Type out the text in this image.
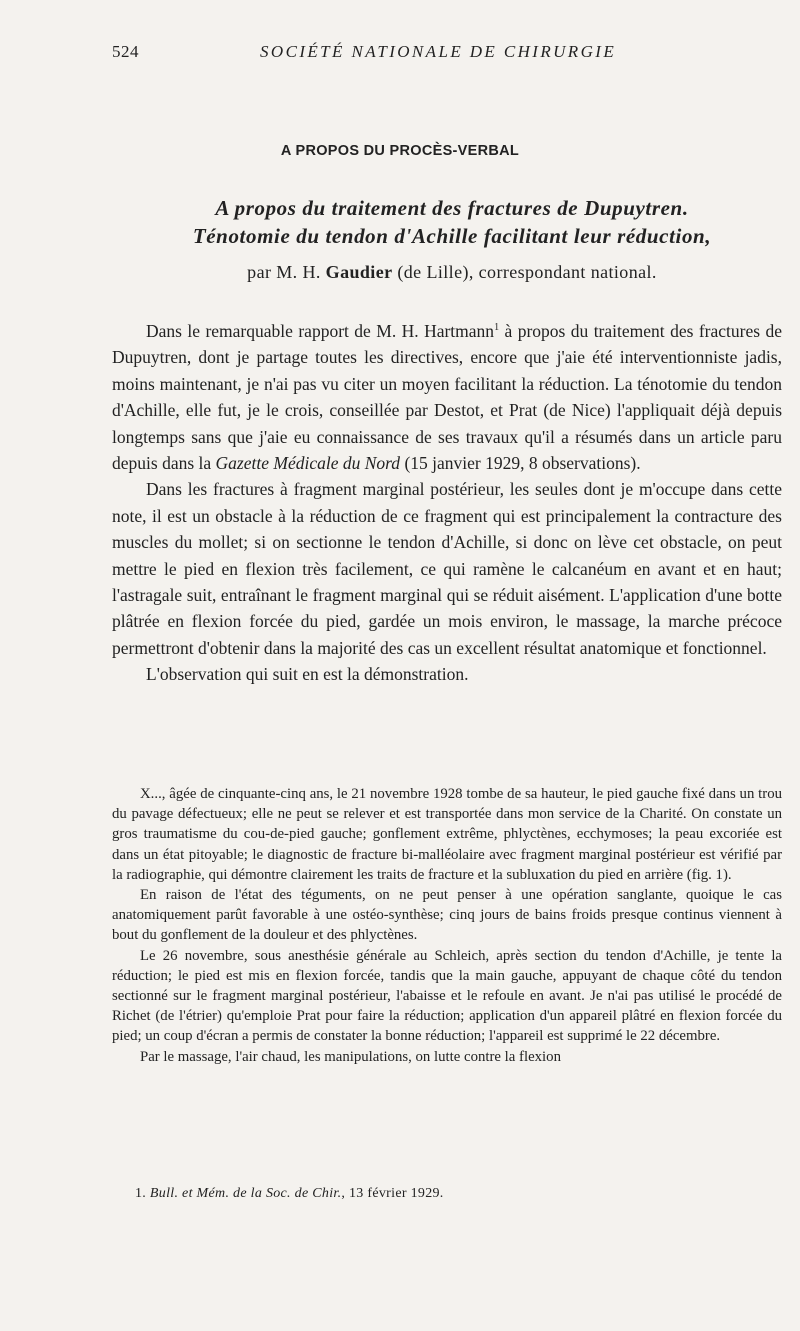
524	SOCIÉTÉ NATIONALE DE CHIRURGIE
A PROPOS DU PROCÈS-VERBAL
A propos du traitement des fractures de Dupuytren.
Ténotomie du tendon d'Achille facilitant leur réduction,
par M. H. Gaudier (de Lille), correspondant national.

Dans le remarquable rapport de M. H. Hartmann$^1$ à propos du traitement des fractures de Dupuytren, dont je partage toutes les directives, encore que j'aie été interventionniste jadis, moins maintenant, je n'ai pas vu citer un moyen facilitant la réduction. La ténotomie du tendon d'Achille, elle fut, je le crois, conseillée par Destot, et Prat (de Nice) l'appliquait déjà depuis longtemps sans que j'aie eu connaissance de ses travaux qu'il a résumés dans un article paru depuis dans la Gazette Médicale du Nord (15 janvier 1929, 8 observations).

Dans les fractures à fragment marginal postérieur, les seules dont je m'occupe dans cette note, il est un obstacle à la réduction de ce fragment qui est principalement la contracture des muscles du mollet; si on sectionne le tendon d'Achille, si donc on lève cet obstacle, on peut mettre le pied en flexion très facilement, ce qui ramène le calcanéum en avant et en haut; l'astragale suit, entraînant le fragment marginal qui se réduit aisément. L'application d'une botte plâtrée en flexion forcée du pied, gardée un mois environ, le massage, la marche précoce permettront d'obtenir dans la majorité des cas un excellent résultat anatomique et fonctionnel.

L'observation qui suit en est la démonstration.

X..., âgée de cinquante-cinq ans, le 21 novembre 1928 tombe de sa hauteur, le pied gauche fixé dans un trou du pavage défectueux; elle ne peut se relever et est transportée dans mon service de la Charité. On constate un gros traumatisme du cou-de-pied gauche; gonflement extrême, phlyctènes, ecchymoses; la peau excoriée est dans un état pitoyable; le diagnostic de fracture bi-malléolaire avec fragment marginal postérieur est vérifié par la radiographie, qui démontre clairement les traits de fracture et la subluxation du pied en arrière (fig. 1).

En raison de l'état des téguments, on ne peut penser à une opération sanglante, quoique le cas anatomiquement parût favorable à une ostéo-synthèse; cinq jours de bains froids presque continus viennent à bout du gonflement de la douleur et des phlyctènes.

Le 26 novembre, sous anesthésie générale au Schleich, après section du tendon d'Achille, je tente la réduction; le pied est mis en flexion forcée, tandis que la main gauche, appuyant de chaque côté du tendon sectionné sur le fragment marginal postérieur, l'abaisse et le refoule en avant. Je n'ai pas utilisé le procédé de Richet (de l'étrier) qu'emploie Prat pour faire la réduction; application d'un appareil plâtré en flexion forcée du pied; un coup d'écran a permis de constater la bonne réduction; l'appareil est supprimé le 22 décembre.

Par le massage, l'air chaud, les manipulations, on lutte contre la flexion

1. Bull. et Mém. de la Soc. de Chir., 13 février 1929.
